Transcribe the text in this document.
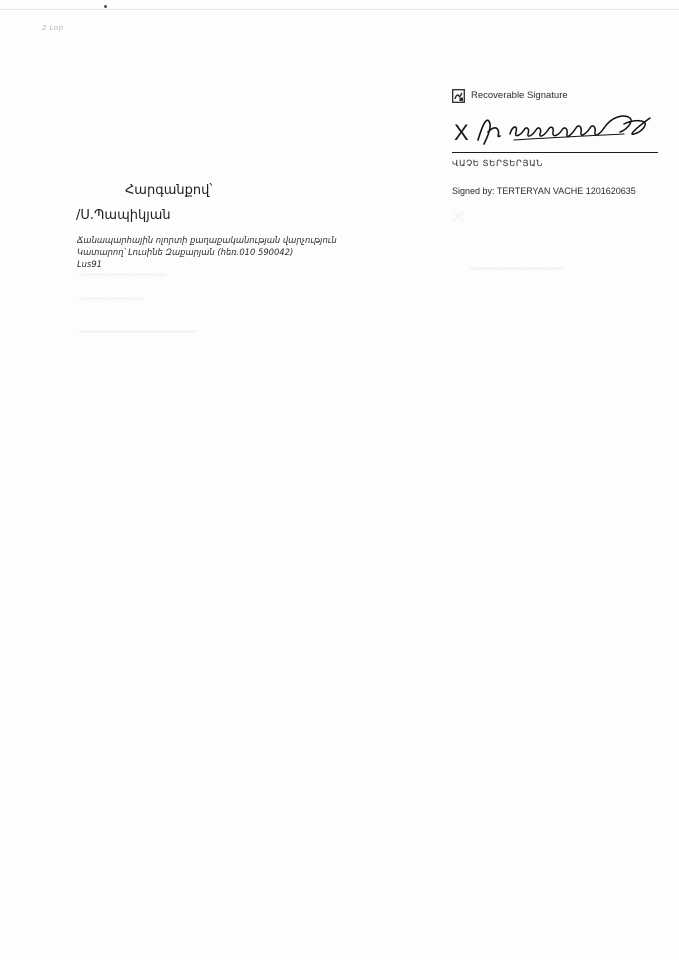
2 Լօր
Recoverable Signature
X
ՎԱՉԵ ՏԵՐՏԵՐՅԱՆ
Signed by: TERTERYAN VACHE 1201620635
Հարգանքով՝
/Ս.Պապիկյան
Ճանապարհային ոլորտի քաղաքականության վարչություն
Կատարող՝ Լուսինե Զաքարյան (հեռ.010 590042)
Lus91
